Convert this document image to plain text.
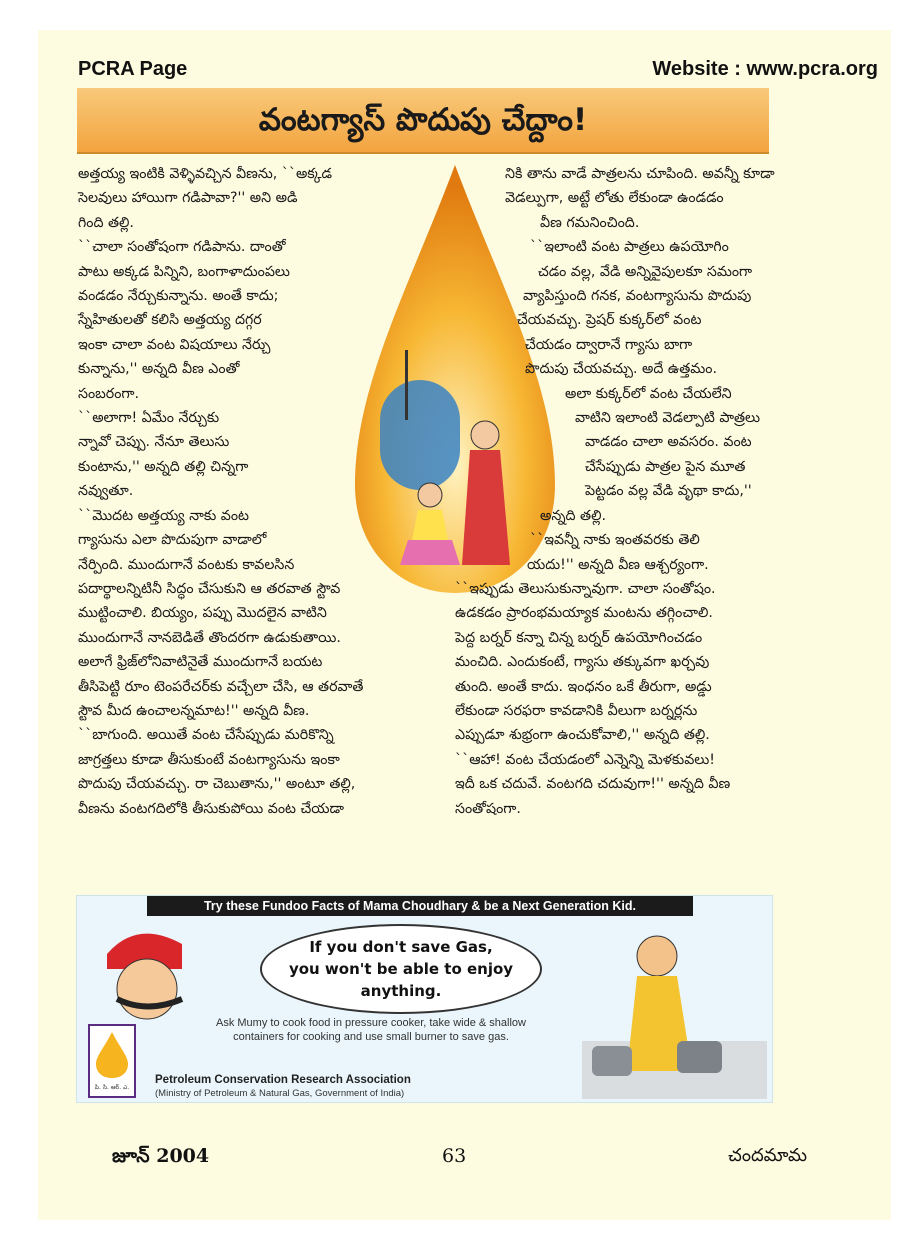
PCRA Page	Website : www.pcra.org
వంటగ్యాస్ పొదుపు చేద్దాం!

అత్తయ్య ఇంటికి వెళ్ళివచ్చిన వీణను, ``అక్కడ

సెలవులు హాయిగా గడిపావా?'' అని అడి

గింది తల్లి.

``చాలా సంతోషంగా గడిపాను. దాంతో

పాటు అక్కడ పిన్నిని, బంగాళాదుంపలు

వండడం నేర్చుకున్నాను. అంతే కాదు;

స్నేహితులతో కలిసి అత్తయ్య దగ్గర

ఇంకా చాలా వంట విషయాలు నేర్చు

కున్నాను,'' అన్నది వీణ ఎంతో

సంబరంగా.

``అలాగా! ఏమేం నేర్చుకు

న్నావో చెప్పు. నేనూ తెలుసు

కుంటాను,'' అన్నది తల్లి చిన్నగా

నవ్వుతూ.

``మొదట అత్తయ్య నాకు వంట

గ్యాసును ఎలా పొదుపుగా వాడాలో

నేర్పింది. ముందుగానే వంటకు కావలసిన

పదార్థాలన్నిటినీ సిద్ధం చేసుకుని ఆ తరవాత స్టౌవ

ముట్టించాలి. బియ్యం, పప్పు మొదలైన వాటిని

ముందుగానే నానబెడితే తొందరగా ఉడుకుతాయి.

అలాగే ఫ్రిజ్‌లోనివాటినైతే ముందుగానే బయట

తీసిపెట్టి రూం టెంపరేచర్‌కు వచ్చేలా చేసి, ఆ తరవాతే

స్టౌవ మీద ఉంచాలన్నమాట!'' అన్నది వీణ.

``బాగుంది. అయితే వంట చేసేప్పుడు మరికొన్ని

జాగ్రత్తలు కూడా తీసుకుంటే వంటగ్యాసును ఇంకా

పొదుపు చేయవచ్చు. రా చెబుతాను,'' అంటూ తల్లి,

వీణను వంటగదిలోకి తీసుకుపోయి వంట చేయడా

నికి తాను వాడే పాత్రలను చూపింది. అవన్నీ కూడా

వెడల్పుగా, అట్టే లోతు లేకుండా ఉండడం

వీణ గమనించింది.

``ఇలాంటి వంట పాత్రలు ఉపయోగిం

చడం వల్ల, వేడి అన్నివైపులకూ సమంగా

వ్యాపిస్తుంది గనక, వంటగ్యాసును పొదుపు

చేయవచ్చు. ప్రెషర్ కుక్కర్‌లో వంట

చేయడం ద్వారానే గ్యాసు బాగా

పొదుపు చేయవచ్చు. అదే ఉత్తమం.

అలా కుక్కర్‌లో వంట చేయలేని

వాటిని ఇలాంటి వెడల్పాటి పాత్రలు

వాడడం చాలా అవసరం. వంట

చేసేప్పుడు పాత్రల పైన మూత

పెట్టడం వల్ల వేడి వృథా కాదు,''

అన్నది తల్లి.

``ఇవన్నీ నాకు ఇంతవరకు తెలి

యదు!'' అన్నది వీణ ఆశ్చర్యంగా.

``ఇప్పుడు తెలుసుకున్నావుగా. చాలా సంతోషం.

ఉడకడం ప్రారంభమయ్యాక మంటను తగ్గించాలి.

పెద్ద బర్నర్ కన్నా చిన్న బర్నర్ ఉపయోగించడం

మంచిది. ఎందుకంటే, గ్యాసు తక్కువగా ఖర్చవు

తుంది. అంతే కాదు. ఇంధనం ఒకే తీరుగా, అడ్డు

లేకుండా సరఫరా కావడానికి వీలుగా బర్నర్లను

ఎప్పుడూ శుభ్రంగా ఉంచుకోవాలి,'' అన్నది తల్లి.

``ఆహా! వంట చేయడంలో ఎన్నెన్ని మెళకువలు!

ఇదీ ఒక చదువే. వంటగది చదువుగా!'' అన్నది వీణ

సంతోషంగా.

Try these Fundoo Facts of Mama Choudhary & be a Next Generation Kid.
If you don't save Gas,
you won't be able to enjoy
anything.
Ask Mumy to cook food in pressure cooker, take wide & shallow
containers for cooking and use small burner to save gas.
పి. సి. ఆర్. ఎ.
Petroleum Conservation Research Association
(Ministry of Petroleum & Natural Gas, Government of India)
జూన్ 2004	63	చందమామ
